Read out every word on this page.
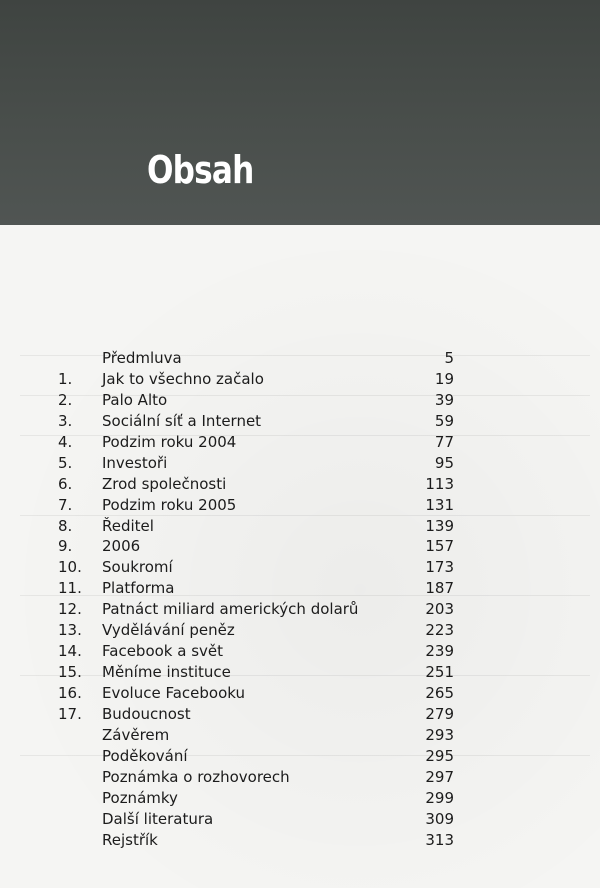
Obsah
Předmluva	5
1.	Jak to všechno začalo	19
2.	Palo Alto	39
3.	Sociální síť a Internet	59
4.	Podzim roku 2004	77
5.	Investoři	95
6.	Zrod společnosti	113
7.	Podzim roku 2005	131
8.	Ředitel	139
9.	2006	157
10.	Soukromí	173
11.	Platforma	187
12.	Patnáct miliard amerických dolarů	203
13.	Vydělávání peněz	223
14.	Facebook a svět	239
15.	Měníme instituce	251
16.	Evoluce Facebooku	265
17.	Budoucnost	279
Závěrem	293
Poděkování	295
Poznámka o rozhovorech	297
Poznámky	299
Další literatura	309
Rejstřík	313
